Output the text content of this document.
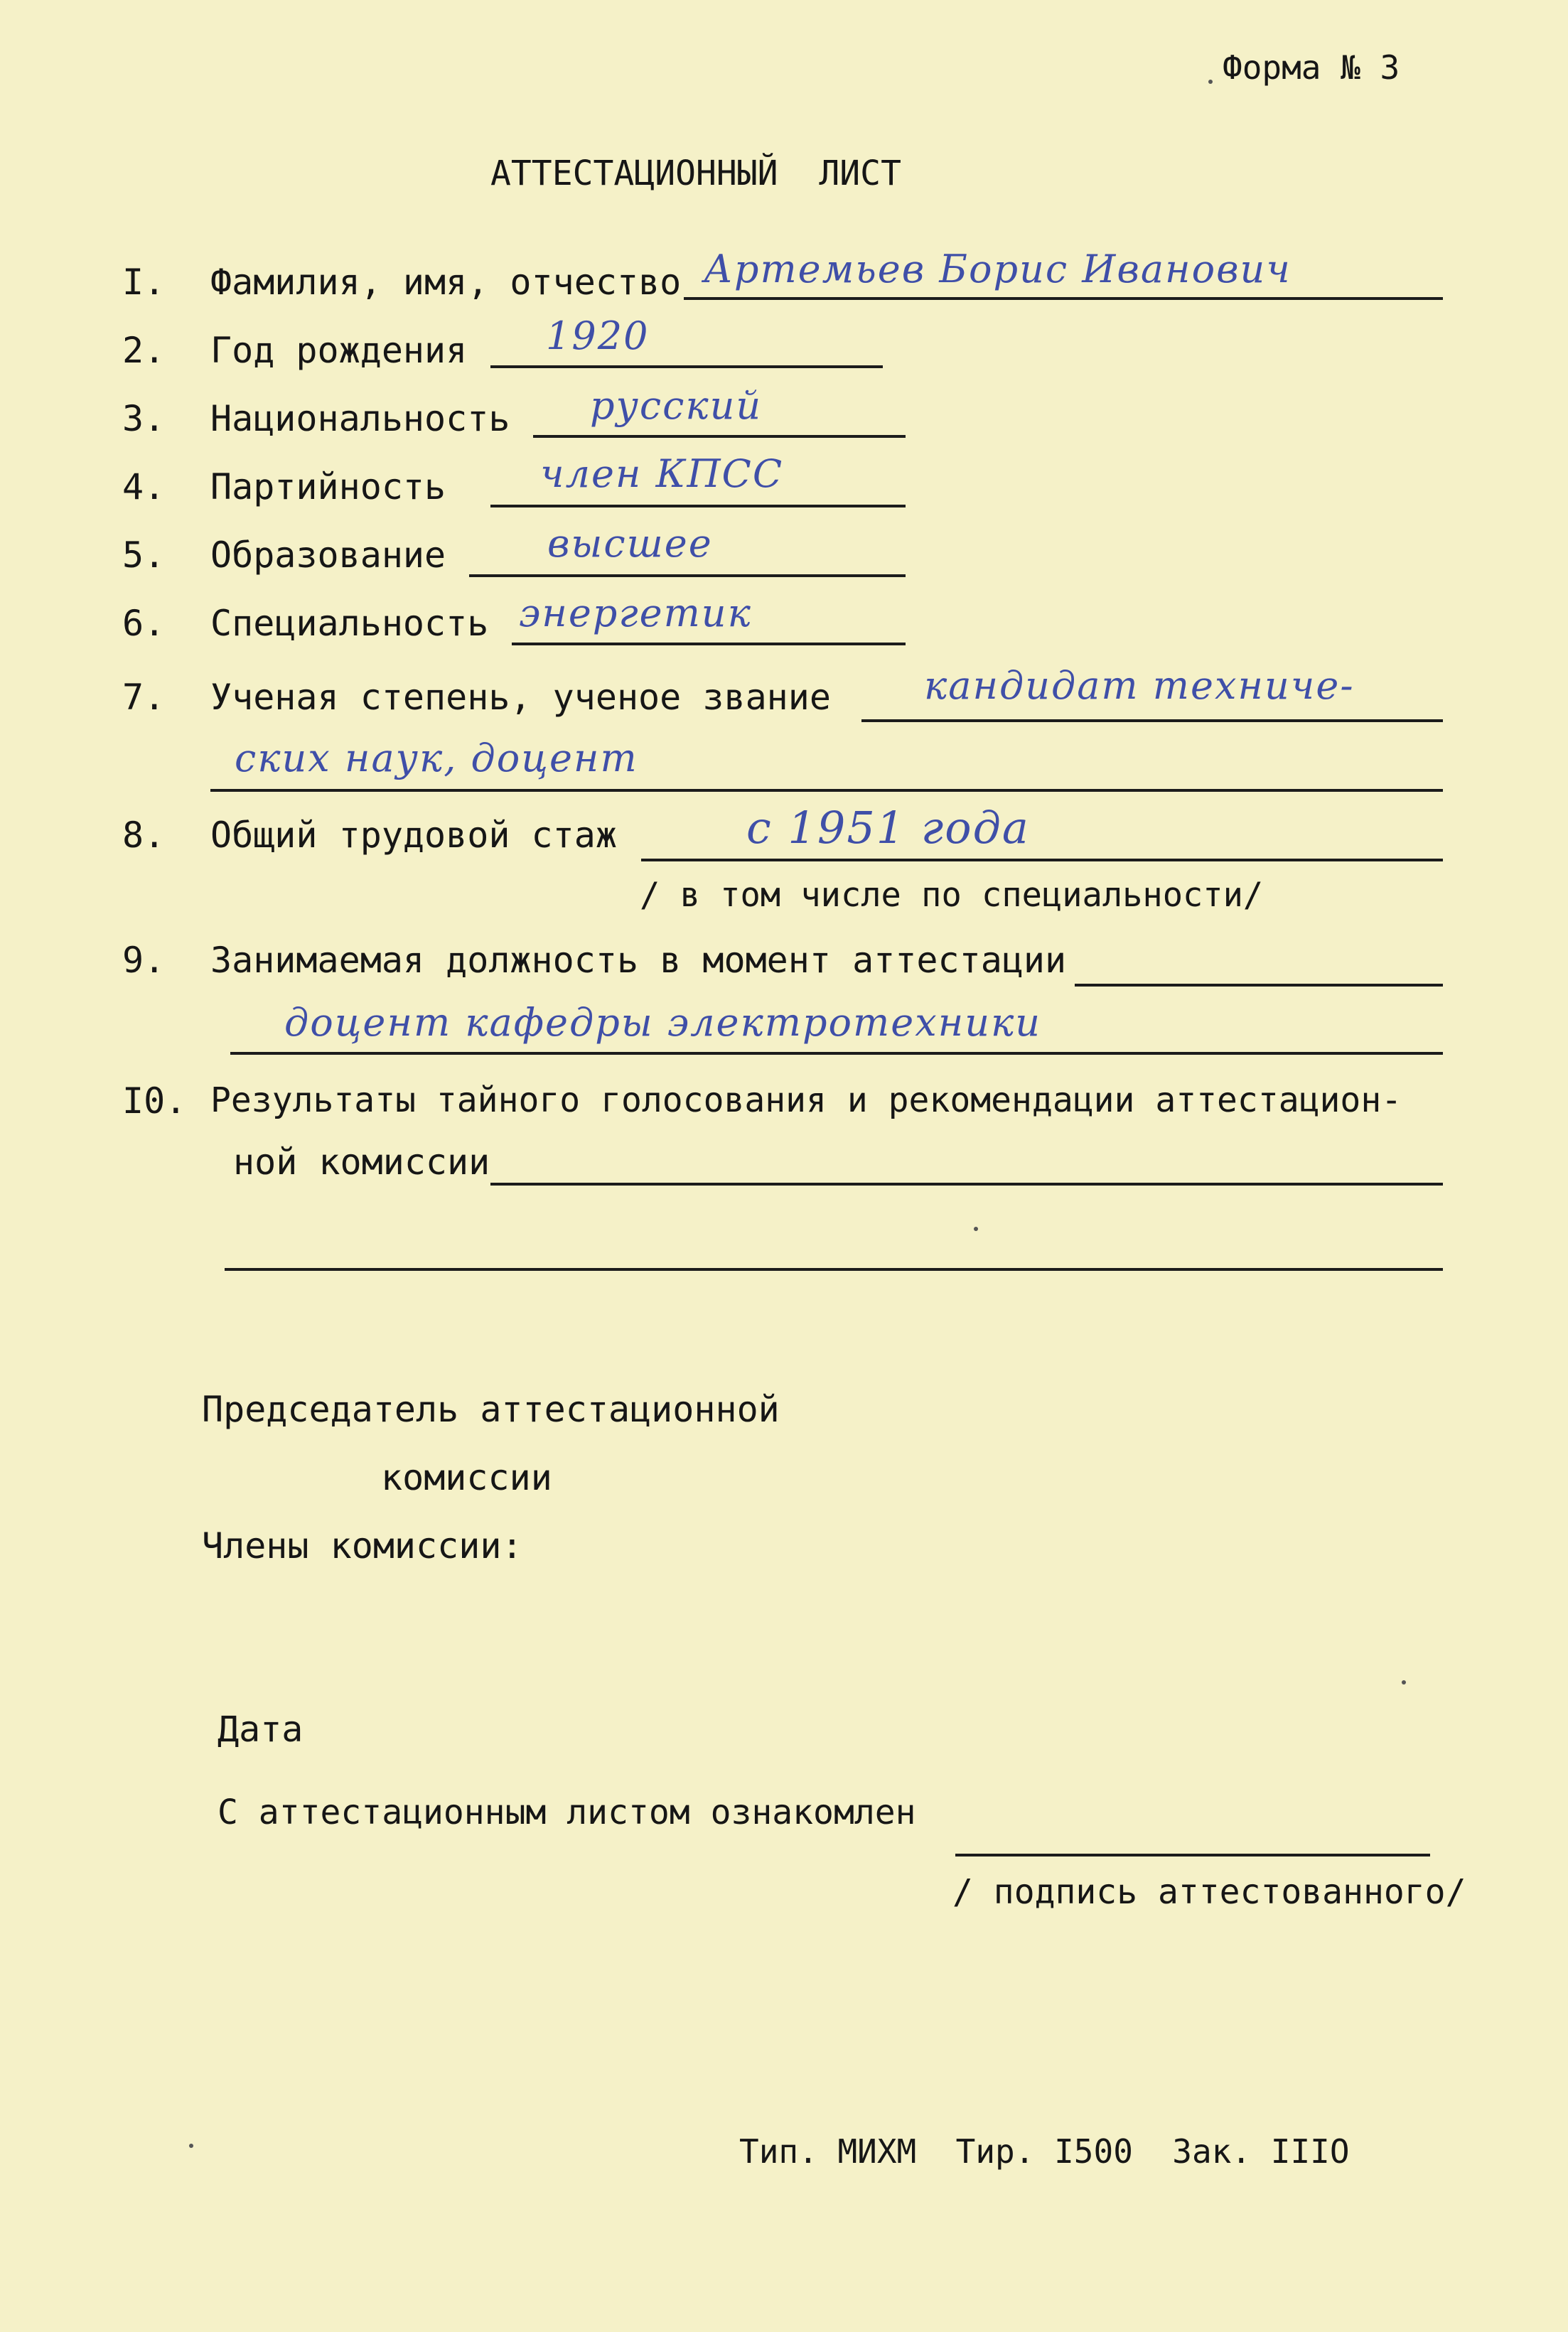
Форма № 3
АТТЕСТАЦИОННЫЙ  ЛИСТ
I. Фамилия, имя, отчество Артемьев Борис Иванович
2. Год рождения 1920
3. Национальность русский
4. Партийность член КПСС
5. Образование	высшее
6. Специальность энергетик
7. Ученая степень, ученое звание кандидат техниче-
ских наук, доцент
8. Общий трудовой стаж	с 1951 года
/ в том числе по специальности/
9. Занимаемая должность в момент аттестации
доцент кафедры электротехники
I0. Результаты тайного голосования и рекомендации аттестацион-
ной комиссии
Председатель аттестационной
комиссии
Члены комиссии:
Дата
С аттестационным листом ознакомлен
/ подпись аттестованного/
Тип. МИХМ  Тир. I500  Зак. IIIO
